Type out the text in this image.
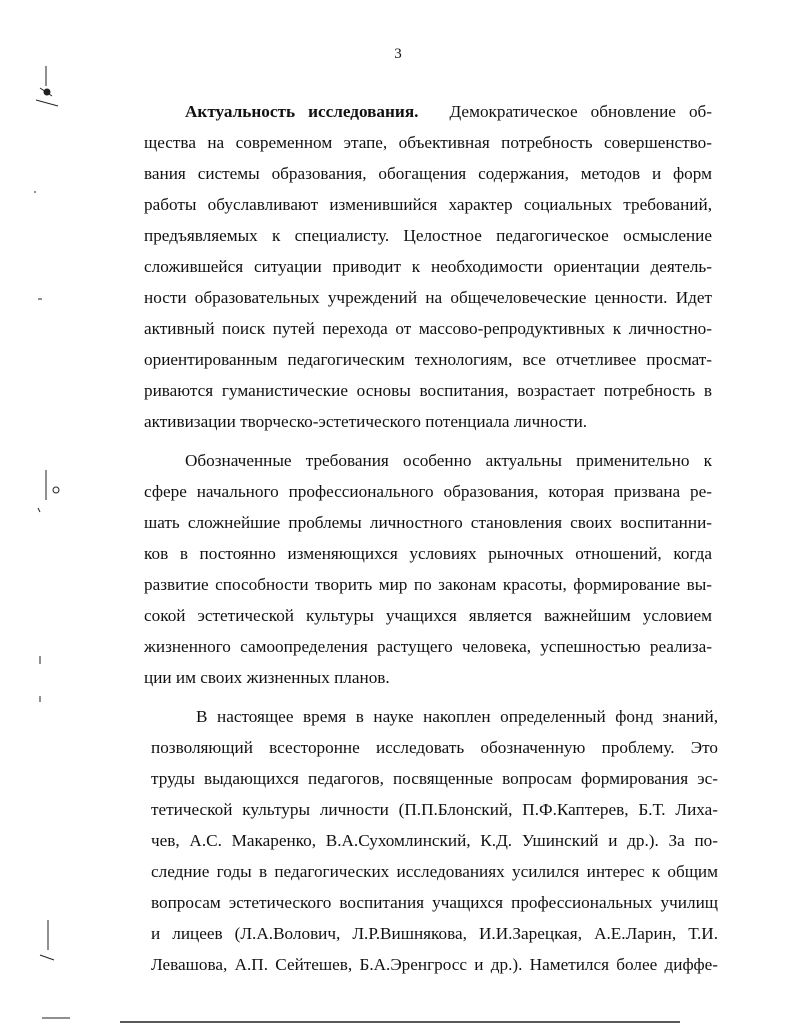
3
Актуальность исследования. Демократическое обновление об-
щества на современном этапе, объективная потребность совершенство-
вания системы образования, обогащения содержания, методов и форм
работы обуславливают изменившийся характер социальных требований,
предъявляемых к специалисту. Целостное педагогическое осмысление
сложившейся ситуации приводит к необходимости ориентации деятель-
ности образовательных учреждений на общечеловеческие ценности. Идет
активный поиск путей перехода от массово-репродуктивных к личностно-
ориентированным педагогическим технологиям, все отчетливее просмат-
риваются гуманистические основы воспитания, возрастает потребность в
активизации творческо-эстетического потенциала личности.
Обозначенные требования особенно актуальны применительно к
сфере начального профессионального образования, которая призвана ре-
шать сложнейшие проблемы личностного становления своих воспитанни-
ков в постоянно изменяющихся условиях рыночных отношений, когда
развитие способности творить мир по законам красоты, формирование вы-
сокой эстетической культуры учащихся является важнейшим условием
жизненного самоопределения растущего человека, успешностью реализа-
ции им своих жизненных планов.
В настоящее время в науке накоплен определенный фонд знаний,
позволяющий всесторонне исследовать обозначенную проблему. Это
труды выдающихся педагогов, посвященные вопросам формирования эс-
тетической культуры личности (П.П.Блонский, П.Ф.Каптерев, Б.Т. Лиха-
чев, А.С. Макаренко, В.А.Сухомлинский, К.Д. Ушинский и др.). За по-
следние годы в педагогических исследованиях усилился интерес к общим
вопросам эстетического воспитания учащихся профессиональных училищ
и лицеев (Л.А.Волович, Л.Р.Вишнякова, И.И.Зарецкая, А.Е.Ларин, Т.И.
Левашова, А.П. Сейтешев, Б.А.Эренгросс и др.). Наметился более диффе-
